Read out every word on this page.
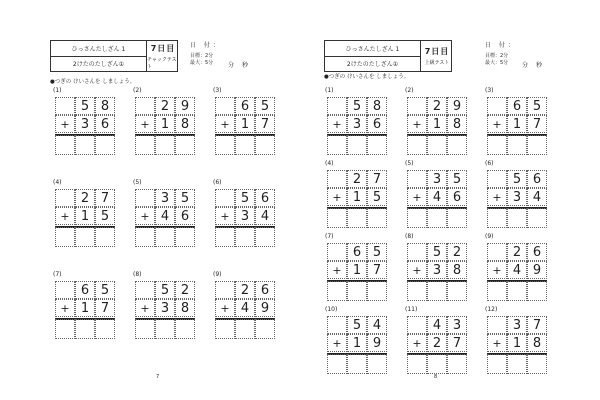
ひっさんたしざん 1
2けたのたしざん①
7日目
チャックテスト
日 付：
目標：2分
最大：5分	分　秒
●つぎの けいさんを しましょう。
(1)
5 8
+ 3 6
(2)
2 9
+ 1 8
(3)
6 5
+ 1 7
(4)
2 7
+ 1 5
(5)
3 5
+ 4 6
(6)
5 6
+ 3 4
(7)
6 5
+ 1 7
(8)
5 2
+ 3 8
(9)
2 6
+ 4 9
7
ひっさんたしざん 1
2けたのたしざん①
7日目
上級テスト
日 付：
目標：2分
最大：5分	分　秒
●つぎの けいさんを しましょう。
(1)
5 8
+ 3 6
(2)
2 9
+ 1 8
(3)
6 5
+ 1 7
(4)
2 7
+ 1 5
(5)
3 5
+ 4 6
(6)
5 6
+ 3 4
(7)
6 5
+ 1 7
(8)
5 2
+ 3 8
(9)
2 6
+ 4 9
(10)
5 4
+ 1 9
(11)
4 3
+ 2 7
(12)
3 7
+ 1 8
8
